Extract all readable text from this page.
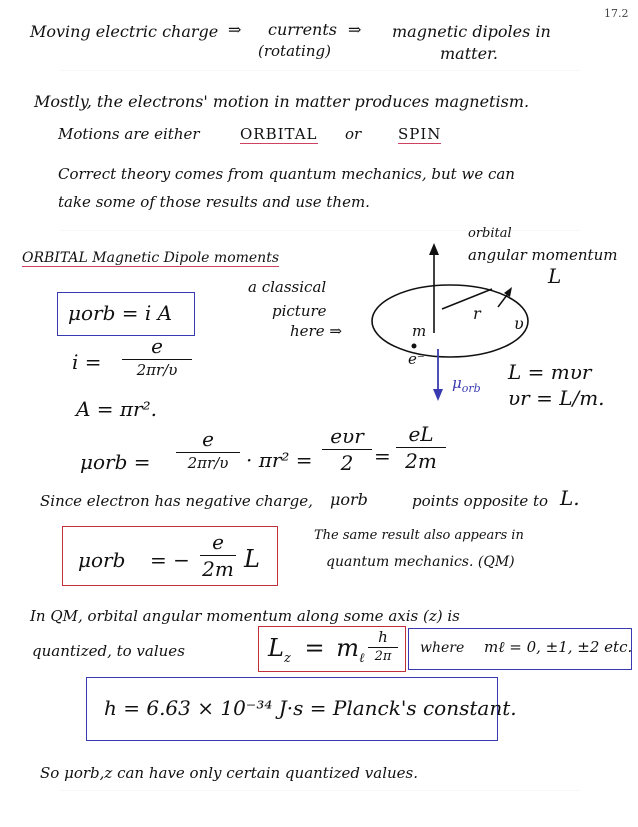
17.2
Moving electric charge ⇒ currents
(rotating)
⇒ magnetic dipoles in
matter.
Mostly, the electrons' motion in matter produces magnetism.
Motions are either	ORBITAL or SPIN
Correct theory comes from quantum mechanics, but we can
take some of those results and use them.
ORBITAL Magnetic Dipole moments
μorb = i A
i =
e
2πr/υ
A = πr².
μorb =
e
2πr/υ · πr² =
eυr
2	=
eL
2m
orbital
angular momentum
L
r
υ
m
e⁻
$\mu_{orb}$
L = mυr
υr = L/m.
a classical
picture
here ⇒
Since electron has negative charge, μorb	points opposite to L.
μorb = −
e
2m L
The same result also appears in
quantum mechanics. (QM)
In QM, orbital angular momentum along some axis (z) is
quantized, to values	$L_z = m_\ell$
h
2π
where mℓ = 0, ±1, ±2 etc.
h = 6.63 × 10⁻³⁴ J·s = Planck's constant.
So μorb,z can have only certain quantized values.
